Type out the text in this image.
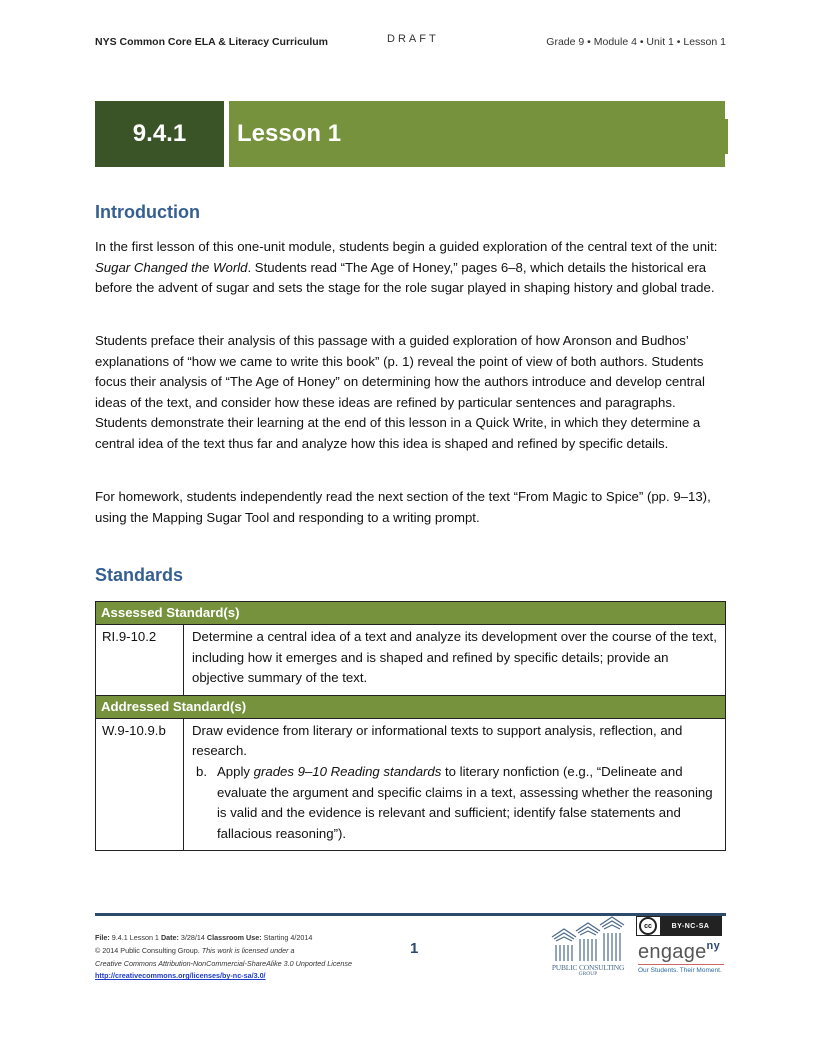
NYS Common Core ELA & Literacy Curriculum	DRAFT	Grade 9 • Module 4 • Unit 1 • Lesson 1
9.4.1	Lesson 1
Introduction
In the first lesson of this one-unit module, students begin a guided exploration of the central text of the unit: Sugar Changed the World. Students read “The Age of Honey,” pages 6–8, which details the historical era before the advent of sugar and sets the stage for the role sugar played in shaping history and global trade.
Students preface their analysis of this passage with a guided exploration of how Aronson and Budhos’ explanations of “how we came to write this book” (p. 1) reveal the point of view of both authors. Students focus their analysis of “The Age of Honey” on determining how the authors introduce and develop central ideas of the text, and consider how these ideas are refined by particular sentences and paragraphs. Students demonstrate their learning at the end of this lesson in a Quick Write, in which they determine a central idea of the text thus far and analyze how this idea is shaped and refined by specific details.
For homework, students independently read the next section of the text “From Magic to Spice” (pp. 9–13), using the Mapping Sugar Tool and responding to a writing prompt.
Standards
Assessed Standard(s)	
RI.9-10.2	Determine a central idea of a text and analyze its development over the course of the text, including how it emerges and is shaped and refined by specific details; provide an objective summary of the text.
Addressed Standard(s)	
W.9-10.9.b	Draw evidence from literary or informational texts to support analysis, reflection, and research.
b. Apply grades 9–10 Reading standards to literary nonfiction (e.g., “Delineate and evaluate the argument and specific claims in a text, assessing whether the reasoning is valid and the evidence is relevant and sufficient; identify false statements and fallacious reasoning”).
File: 9.4.1 Lesson 1 Date: 3/28/14 Classroom Use: Starting 4/2014
© 2014 Public Consulting Group. This work is licensed under a
Creative Commons Attribution-NonCommercial-ShareAlike 3.0 Unported License
http://creativecommons.org/licenses/by-nc-sa/3.0/
1
PUBLIC CONSULTING
GROUP
cc	BY-NC-SA
engage$^{ny}$
Our Students. Their Moment.
